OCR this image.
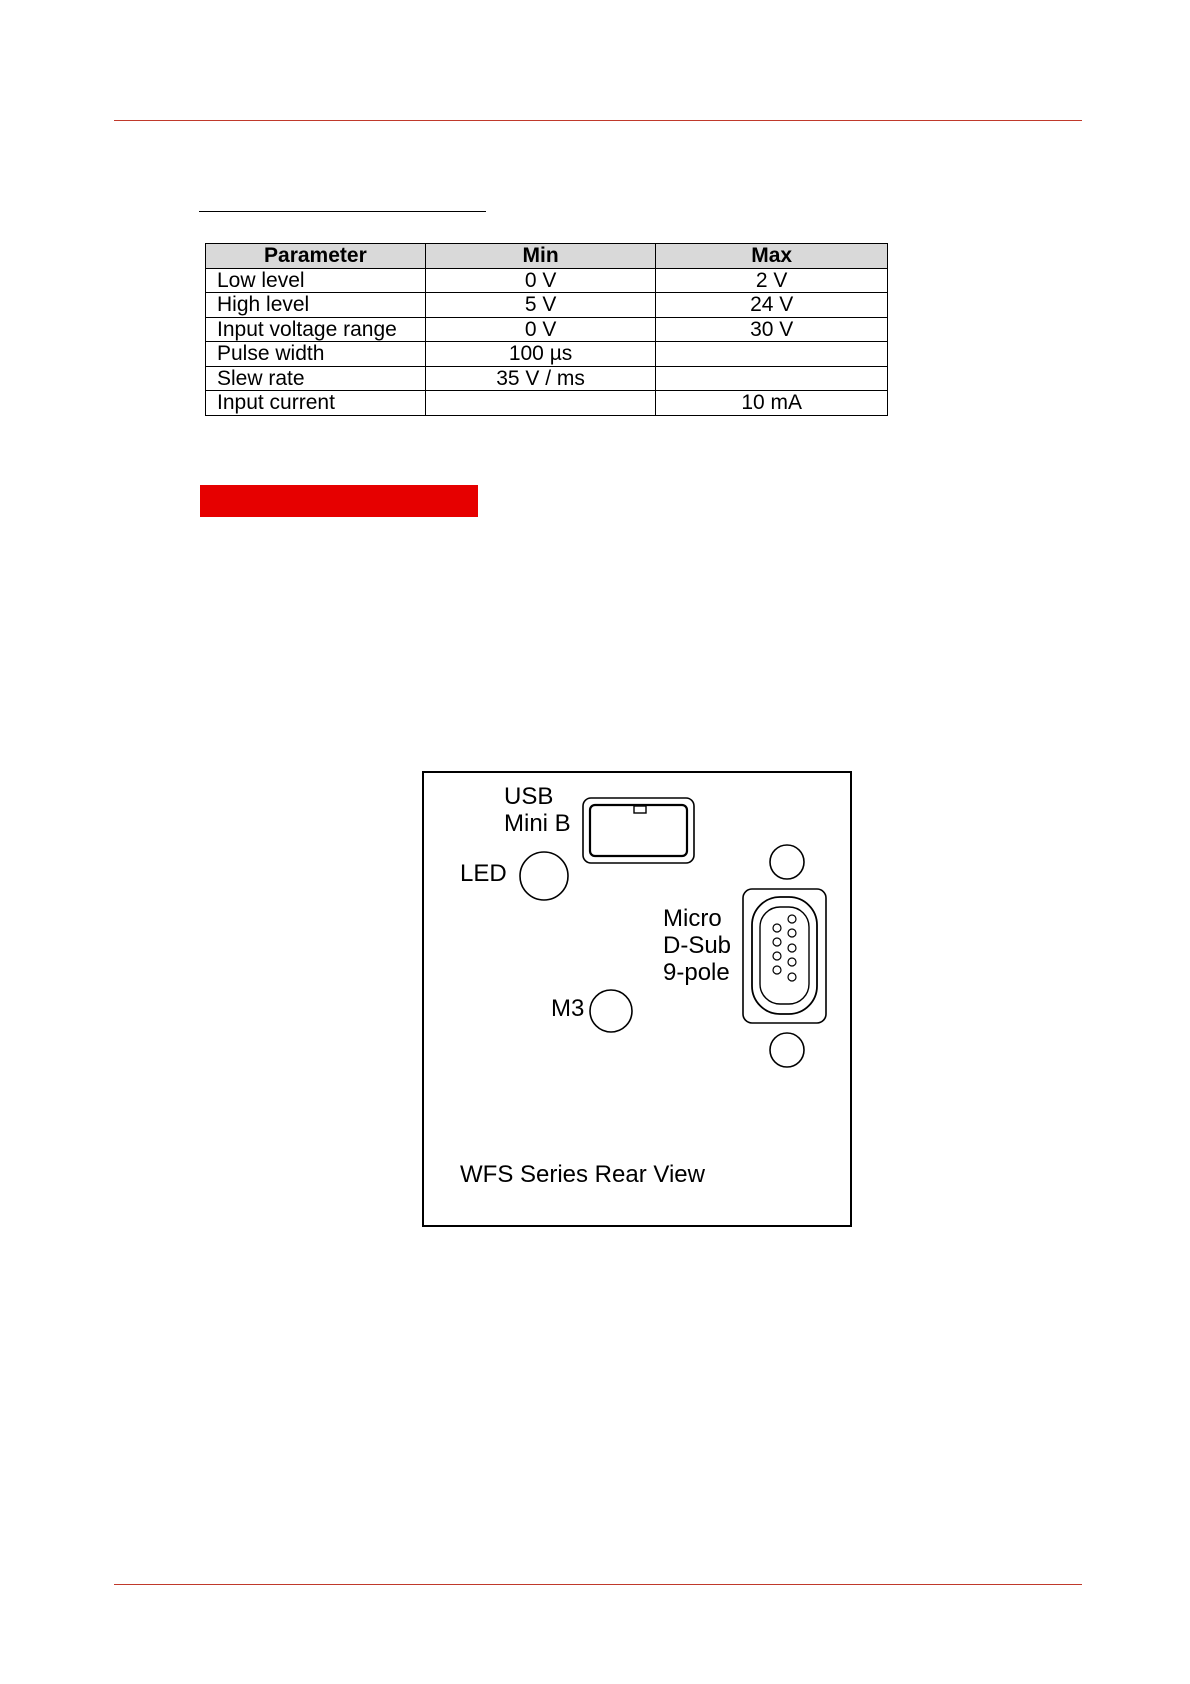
Parameter	Min	Max
Low level	0 V	2 V
High level	5 V	24 V
Input voltage range	0 V	30 V
Pulse width	100 µs	
Slew rate	35 V / ms	
Input current		10 mA
USB
Mini B
LED
Micro
D-Sub
9-pole
M3
WFS Series Rear View
